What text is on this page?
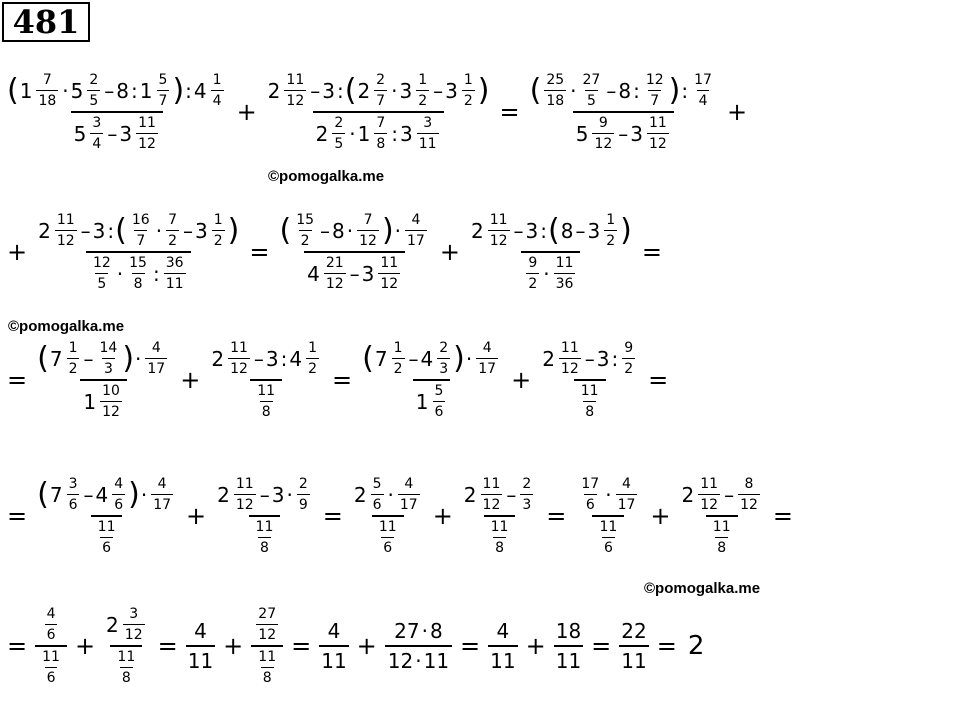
481
©pomogalka.me
©pomogalka.me
©pomogalka.me
( $1 \frac{7}{18} \cdot 5 \frac{2}{5} - 8$ : $1 \frac{5}{7}$ ) : $4 \frac{1}{4}$
$5 \frac{3}{4} - 3 \frac{11}{12}$
+
$2 \frac{11}{12} - 3$ : ( $2 \frac{2}{7} \cdot 3 \frac{1}{2} - 3 \frac{1}{2}$ )
$2 \frac{2}{5} \cdot 1 \frac{7}{8}$ : $3 \frac{3}{11}$
=
( $\frac{25}{18} \cdot \frac{27}{5} - 8$ : $\frac{12}{7}$ ) : $\frac{17}{4}$
$5 \frac{9}{12} - 3 \frac{11}{12}$
+
+
$2 \frac{11}{12} - 3$ : ( $\frac{16}{7} \cdot \frac{7}{2} - 3 \frac{1}{2}$ )
$\frac{12}{5} \cdot \frac{15}{8}$ : $\frac{36}{11}$
=
( $\frac{15}{2} - 8 \cdot \frac{7}{12}$ ) · $\frac{4}{17}$
$4 \frac{21}{12} - 3 \frac{11}{12}$
+
$2 \frac{11}{12} - 3$ : ( $8 - 3 \frac{1}{2}$ )
$\frac{9}{2} \cdot \frac{11}{36}$
=
=
( $7 \frac{1}{2} - \frac{14}{3}$ ) · $\frac{4}{17}$
$1 \frac{10}{12}$
+ $\frac{2 \frac{11}{12} - 3 : 4 \frac{1}{2}}{\frac{11}{8}}$ =
( $7 \frac{1}{2} - 4 \frac{2}{3}$ ) · $\frac{4}{17}$
$1 \frac{5}{6}$
+ $\frac{2 \frac{11}{12} - 3 : \frac{9}{2}}{\frac{11}{8}}$ =
=
( $7 \frac{3}{6} - 4 \frac{4}{6}$ ) · $\frac{4}{17}$
$\frac{11}{6}$
+ $\frac{2 \frac{11}{12} - 3 \cdot \frac{2}{9}}{\frac{11}{8}} = \frac{2 \frac{5}{6} \cdot \frac{4}{17}}{\frac{11}{6}} + \frac{2 \frac{11}{12} - \frac{2}{3}}{\frac{11}{8}} = \frac{\frac{17}{6} \cdot \frac{4}{17}}{\frac{11}{6}} + \frac{2 \frac{11}{12} - \frac{8}{12}}{\frac{11}{8}}$ =
= $\frac{\frac{4}{6}}{\frac{11}{6}} + \frac{2 \frac{3}{12}}{\frac{11}{8}} = \frac{4}{11} + \frac{\frac{27}{12}}{\frac{11}{8}} = \frac{4}{11} + \frac{27 \cdot 8}{12 \cdot 11} = \frac{4}{11} + \frac{18}{11} = \frac{22}{11} = 2$
